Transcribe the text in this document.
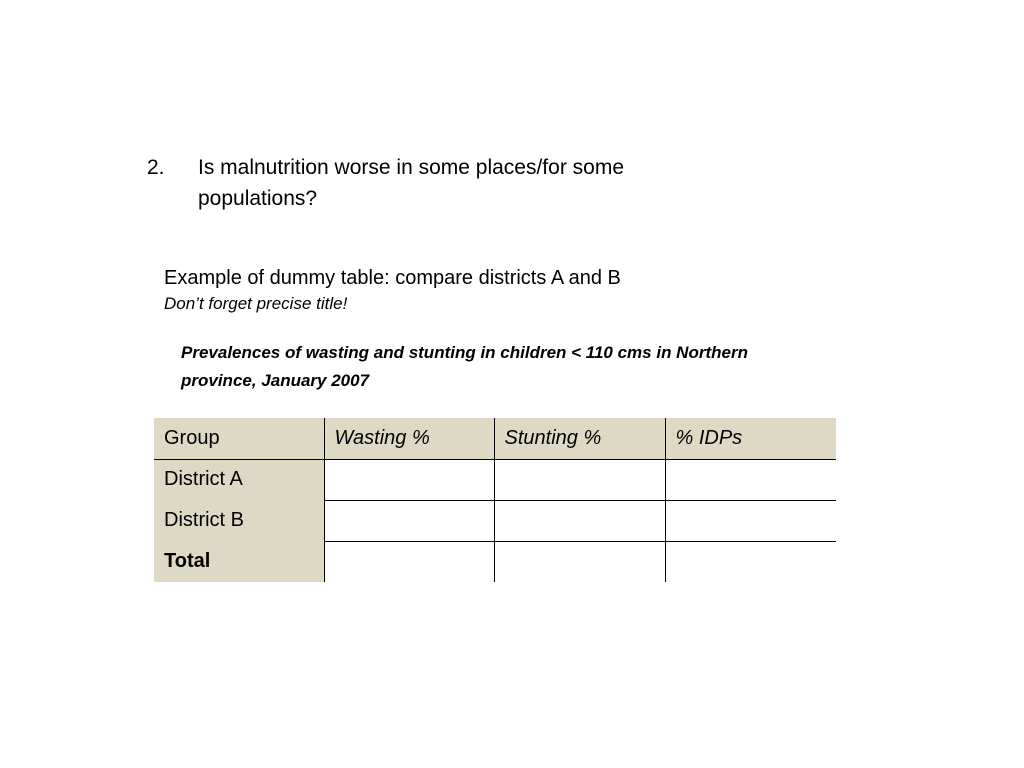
2. Is malnutrition worse in some places/for some populations?
Example of dummy table: compare districts A and B
Don’t forget precise title!
Prevalences of wasting and stunting in children < 110 cms in Northern province, January 2007
Group	Wasting %	Stunting %	% IDPs
District A			
District B			
Total			
